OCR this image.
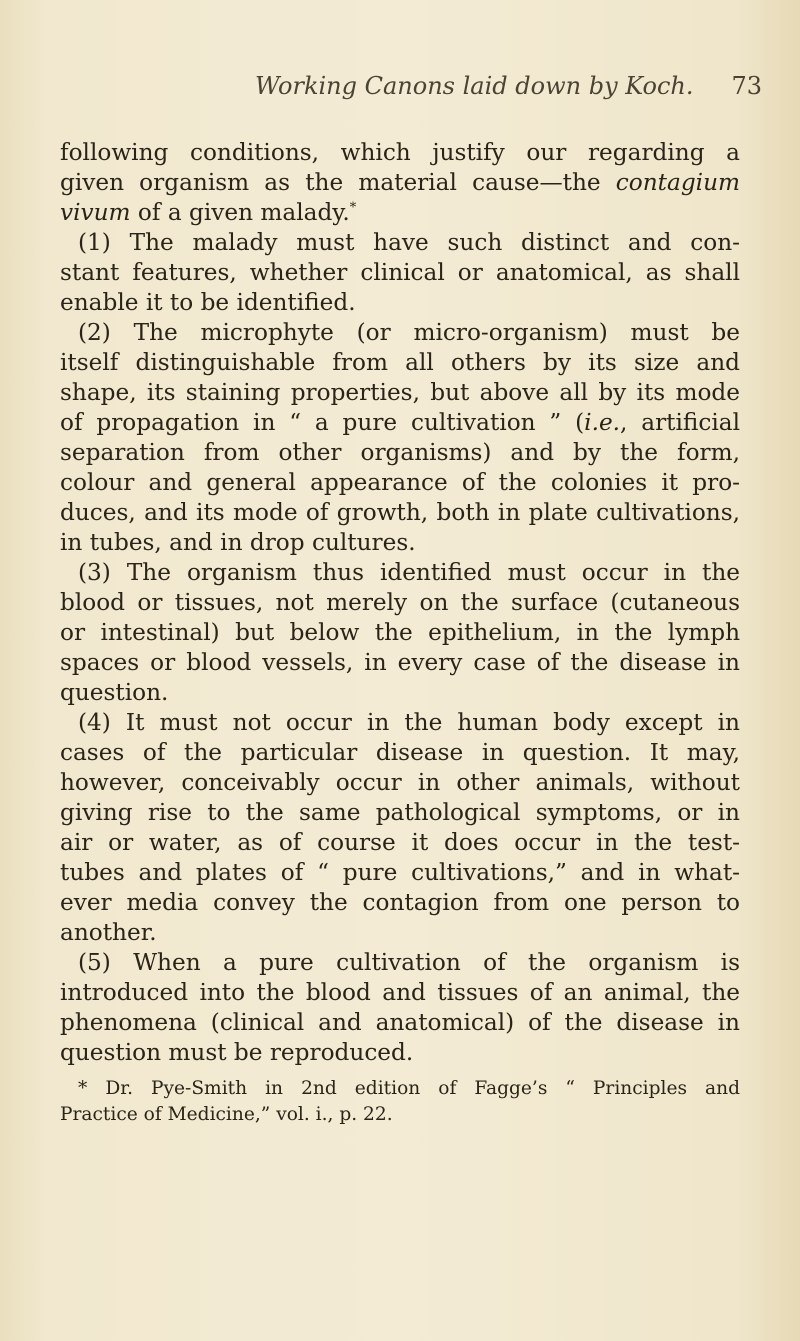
Working Canons laid down by Koch. 73
following conditions, which justify our regarding a
given organism as the material cause—the contagium
vivum of a given malady.*
(1) The malady must have such distinct and con-
stant features, whether clinical or anatomical, as shall
enable it to be identified.
(2) The microphyte (or micro-organism) must be
itself distinguishable from all others by its size and
shape, its staining properties, but above all by its mode
of propagation in “ a pure cultivation ” (i.e., artificial
separation from other organisms) and by the form,
colour and general appearance of the colonies it pro-
duces, and its mode of growth, both in plate cultivations,
in tubes, and in drop cultures.
(3) The organism thus identified must occur in the
blood or tissues, not merely on the surface (cutaneous
or intestinal) but below the epithelium, in the lymph
spaces or blood vessels, in every case of the disease in
question.
(4) It must not occur in the human body except in
cases of the particular disease in question. It may,
however, conceivably occur in other animals, without
giving rise to the same pathological symptoms, or in
air or water, as of course it does occur in the test-
tubes and plates of “ pure cultivations,” and in what-
ever media convey the contagion from one person to
another.
(5) When a pure cultivation of the organism is
introduced into the blood and tissues of an animal, the
phenomena (clinical and anatomical) of the disease in
question must be reproduced.
* Dr. Pye-Smith in 2nd edition of Fagge’s “ Principles and
Practice of Medicine,” vol. i., p. 22.
